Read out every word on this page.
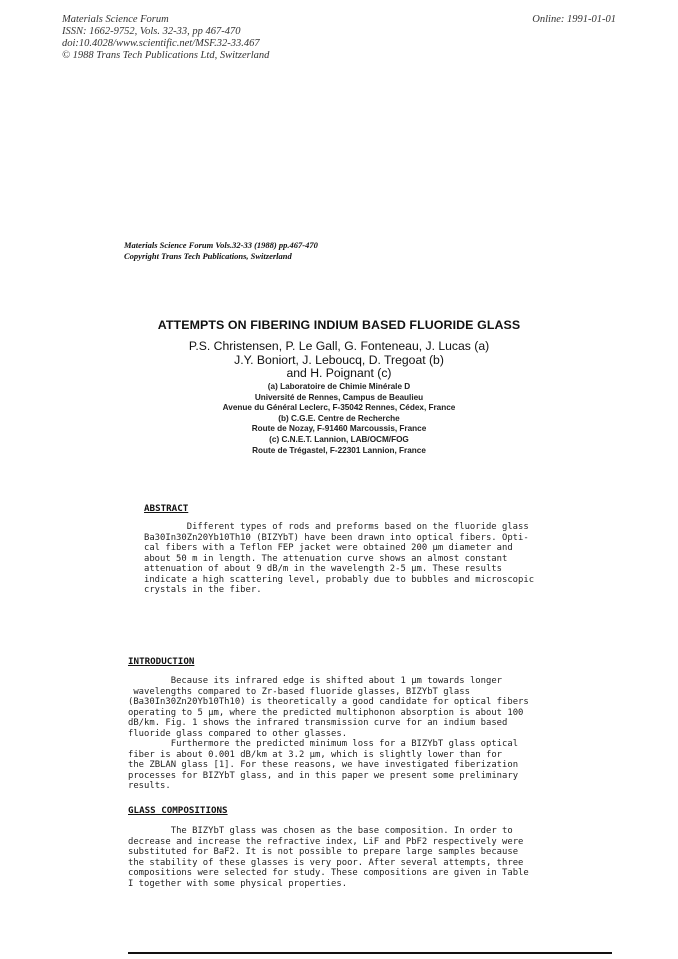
Materials Science Forum
ISSN: 1662-9752, Vols. 32-33, pp 467-470
doi:10.4028/www.scientific.net/MSF.32-33.467
© 1988 Trans Tech Publications Ltd, Switzerland
Online: 1991-01-01
Materials Science Forum Vols.32-33 (1988) pp.467-470
Copyright Trans Tech Publications, Switzerland
ATTEMPTS ON FIBERING INDIUM BASED FLUORIDE GLASS
P.S. Christensen, P. Le Gall, G. Fonteneau, J. Lucas (a)
J.Y. Boniort, J. Leboucq, D. Tregoat (b)
and H. Poignant (c)
(a) Laboratoire de Chimie Minérale D
Université de Rennes, Campus de Beaulieu
Avenue du Général Leclerc, F-35042 Rennes, Cédex, France
(b) C.G.E. Centre de Recherche
Route de Nozay, F-91460 Marcoussis, France
(c) C.N.E.T. Lannion, LAB/OCM/FOG
Route de Trégastel, F-22301 Lannion, France
ABSTRACT
Different types of rods and preforms based on the fluoride glass
Ba30In30Zn20Yb10Th10 (BIZYbT) have been drawn into optical fibers. Opti-
cal fibers with a Teflon FEP jacket were obtained 200 µm diameter and
about 50 m in length. The attenuation curve shows an almost constant
attenuation of about 9 dB/m in the wavelength 2-5 µm. These results
indicate a high scattering level, probably due to bubbles and microscopic
crystals in the fiber.
INTRODUCTION
Because its infrared edge is shifted about 1 µm towards longer
wavelengths compared to Zr-based fluoride glasses, BIZYbT glass
(Ba30In30Zn20Yb10Th10) is theoretically a good candidate for optical fibers
operating to 5 µm, where the predicted multiphonon absorption is about 100
dB/km. Fig. 1 shows the infrared transmission curve for an indium based
fluoride glass compared to other glasses.
Furthermore the predicted minimum loss for a BIZYbT glass optical
fiber is about 0.001 dB/km at 3.2 µm, which is slightly lower than for
the ZBLAN glass [1]. For these reasons, we have investigated fiberization
processes for BIZYbT glass, and in this paper we present some preliminary
results.
GLASS COMPOSITIONS
The BIZYbT glass was chosen as the base composition. In order to
decrease and increase the refractive index, LiF and PbF2 respectively were
substituted for BaF2. It is not possible to prepare large samples because
the stability of these glasses is very poor. After several attempts, three
compositions were selected for study. These compositions are given in Table
I together with some physical properties.
